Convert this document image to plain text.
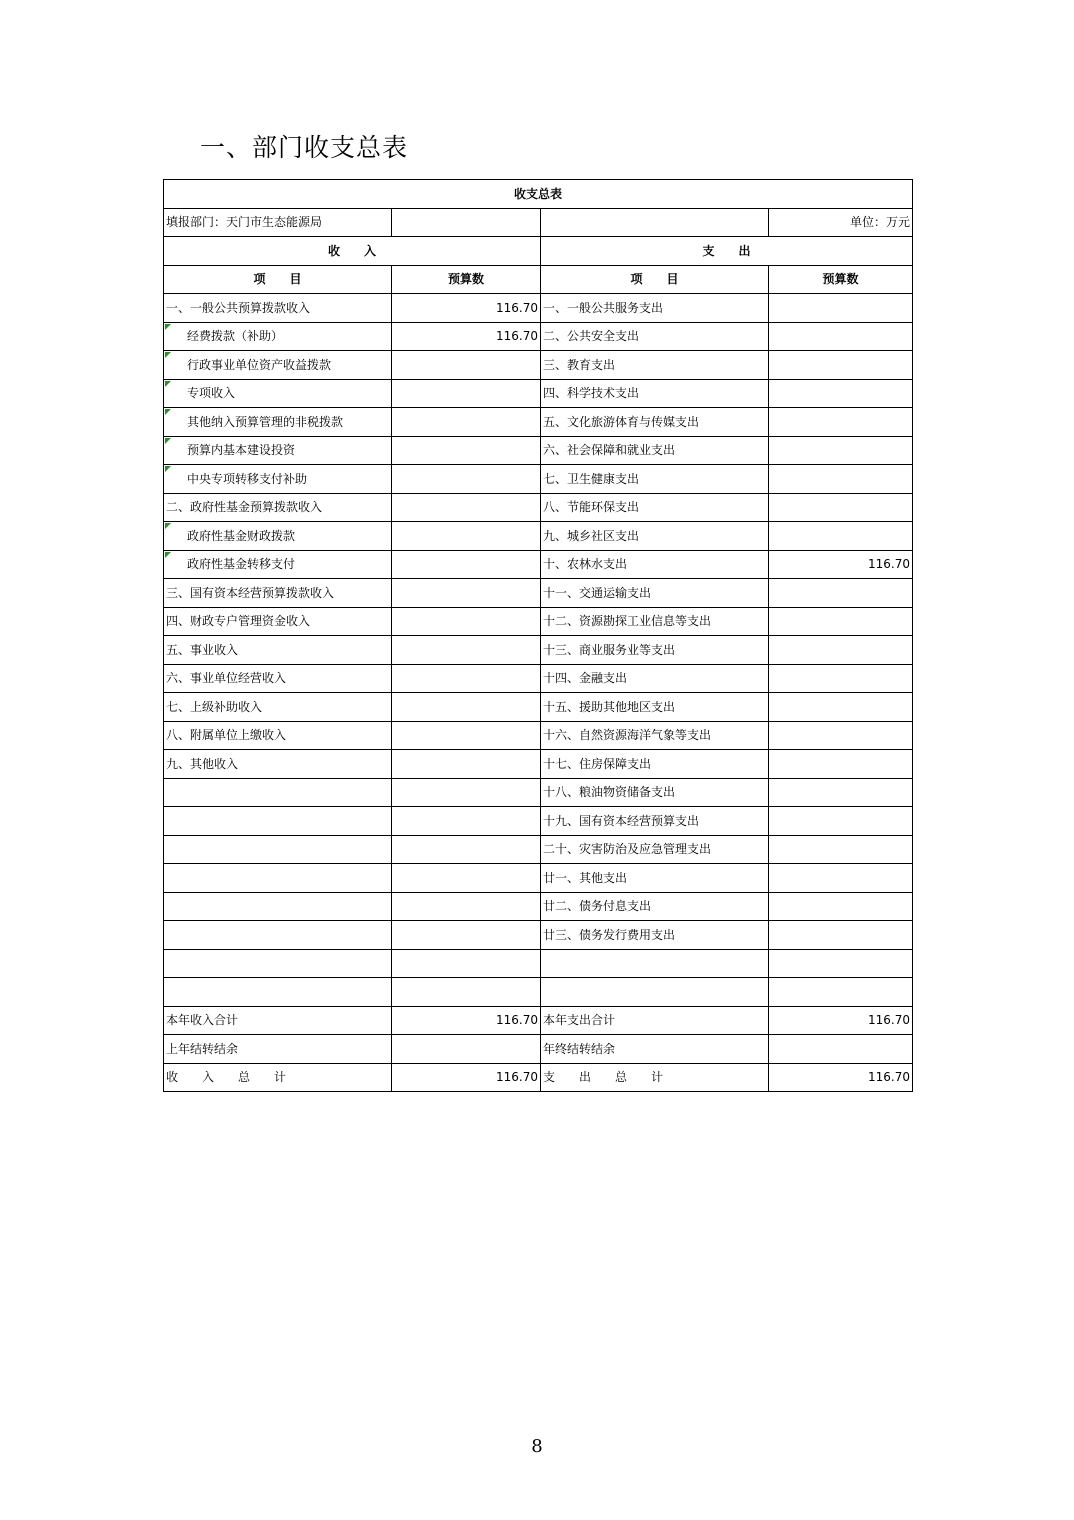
一、部门收支总表
收支总表			
填报部门：天门市生态能源局			单位：万元
收　　入		支　　出	
项　　目	预算数	项　　目	预算数
一、一般公共预算拨款收入	116.70	一、一般公共服务支出	
经费拨款（补助）	116.70	二、公共安全支出	
行政事业单位资产收益拨款		三、教育支出	
专项收入		四、科学技术支出	
其他纳入预算管理的非税拨款		五、文化旅游体育与传媒支出	
预算内基本建设投资		六、社会保障和就业支出	
中央专项转移支付补助		七、卫生健康支出	
二、政府性基金预算拨款收入		八、节能环保支出	
政府性基金财政拨款		九、城乡社区支出	
政府性基金转移支付		十、农林水支出	116.70
三、国有资本经营预算拨款收入		十一、交通运输支出	
四、财政专户管理资金收入		十二、资源勘探工业信息等支出	
五、事业收入		十三、商业服务业等支出	
六、事业单位经营收入		十四、金融支出	
七、上级补助收入		十五、援助其他地区支出	
八、附属单位上缴收入		十六、自然资源海洋气象等支出	
九、其他收入		十七、住房保障支出	
		十八、粮油物资储备支出	
		十九、国有资本经营预算支出	
		二十、灾害防治及应急管理支出	
		廿一、其他支出	
		廿二、债务付息支出	
		廿三、债务发行费用支出	

本年收入合计	116.70	本年支出合计	116.70
上年结转结余		年终结转结余	
收　　入　　总　　计	116.70	支　　出　　总　　计	116.70
8
